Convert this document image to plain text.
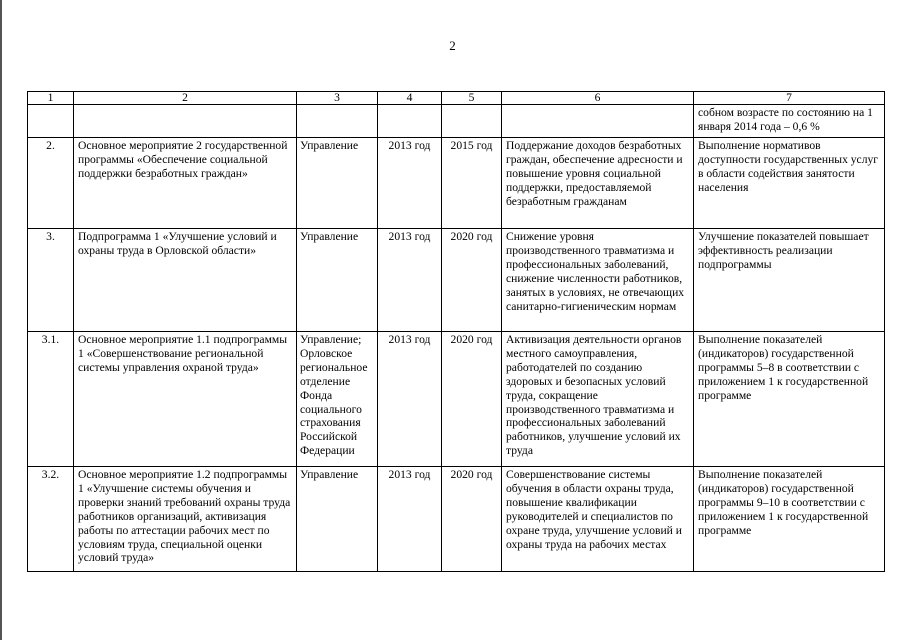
2
1	2	3	4	5	6	7
						собном возрасте по состоянию на 1 января 2014 года – 0,6 %
2.	Основное мероприятие 2 государственной программы «Обеспечение социальной поддержки безработных граждан»	Управление	2013 год	2015 год	Поддержание доходов безработных граждан, обеспечение адресности и повышение уровня социальной поддержки, предоставляемой безработным гражданам	Выполнение нормативов доступности государственных услуг в области содействия занятости населения
3.	Подпрограмма 1 «Улучшение условий и охраны труда в Орловской области»	Управление	2013 год	2020 год	Снижение уровня производственного травматизма и профессиональных заболеваний, снижение численности работников, занятых в условиях, не отвечающих санитарно-гигиеническим нормам	Улучшение показателей повышает эффективность реализации подпрограммы
3.1.	Основное мероприятие 1.1 подпрограммы 1 «Совершенствование региональной системы управления охраной труда»	Управление; Орловское региональное отделение Фонда социального страхования Российской Федерации	2013 год	2020 год	Активизация деятельности органов местного самоуправления, работодателей по созданию здоровых и безопасных условий труда, сокращение производственного травматизма и профессиональных заболеваний работников, улучшение условий их труда	Выполнение показателей (индикаторов) государственной программы 5–8 в соответствии с приложением 1 к государственной программе
3.2.	Основное мероприятие 1.2 подпрограммы 1 «Улучшение системы обучения и проверки знаний требований охраны труда работников организаций, активизация работы по аттестации рабочих мест по условиям труда, специальной оценки условий труда»	Управление	2013 год	2020 год	Совершенствование системы обучения в области охраны труда, повышение квалификации руководителей и специалистов по охране труда, улучшение условий и охраны труда на рабочих местах	Выполнение показателей (индикаторов) государственной программы 9–10 в соответствии с приложением 1 к государственной программе
